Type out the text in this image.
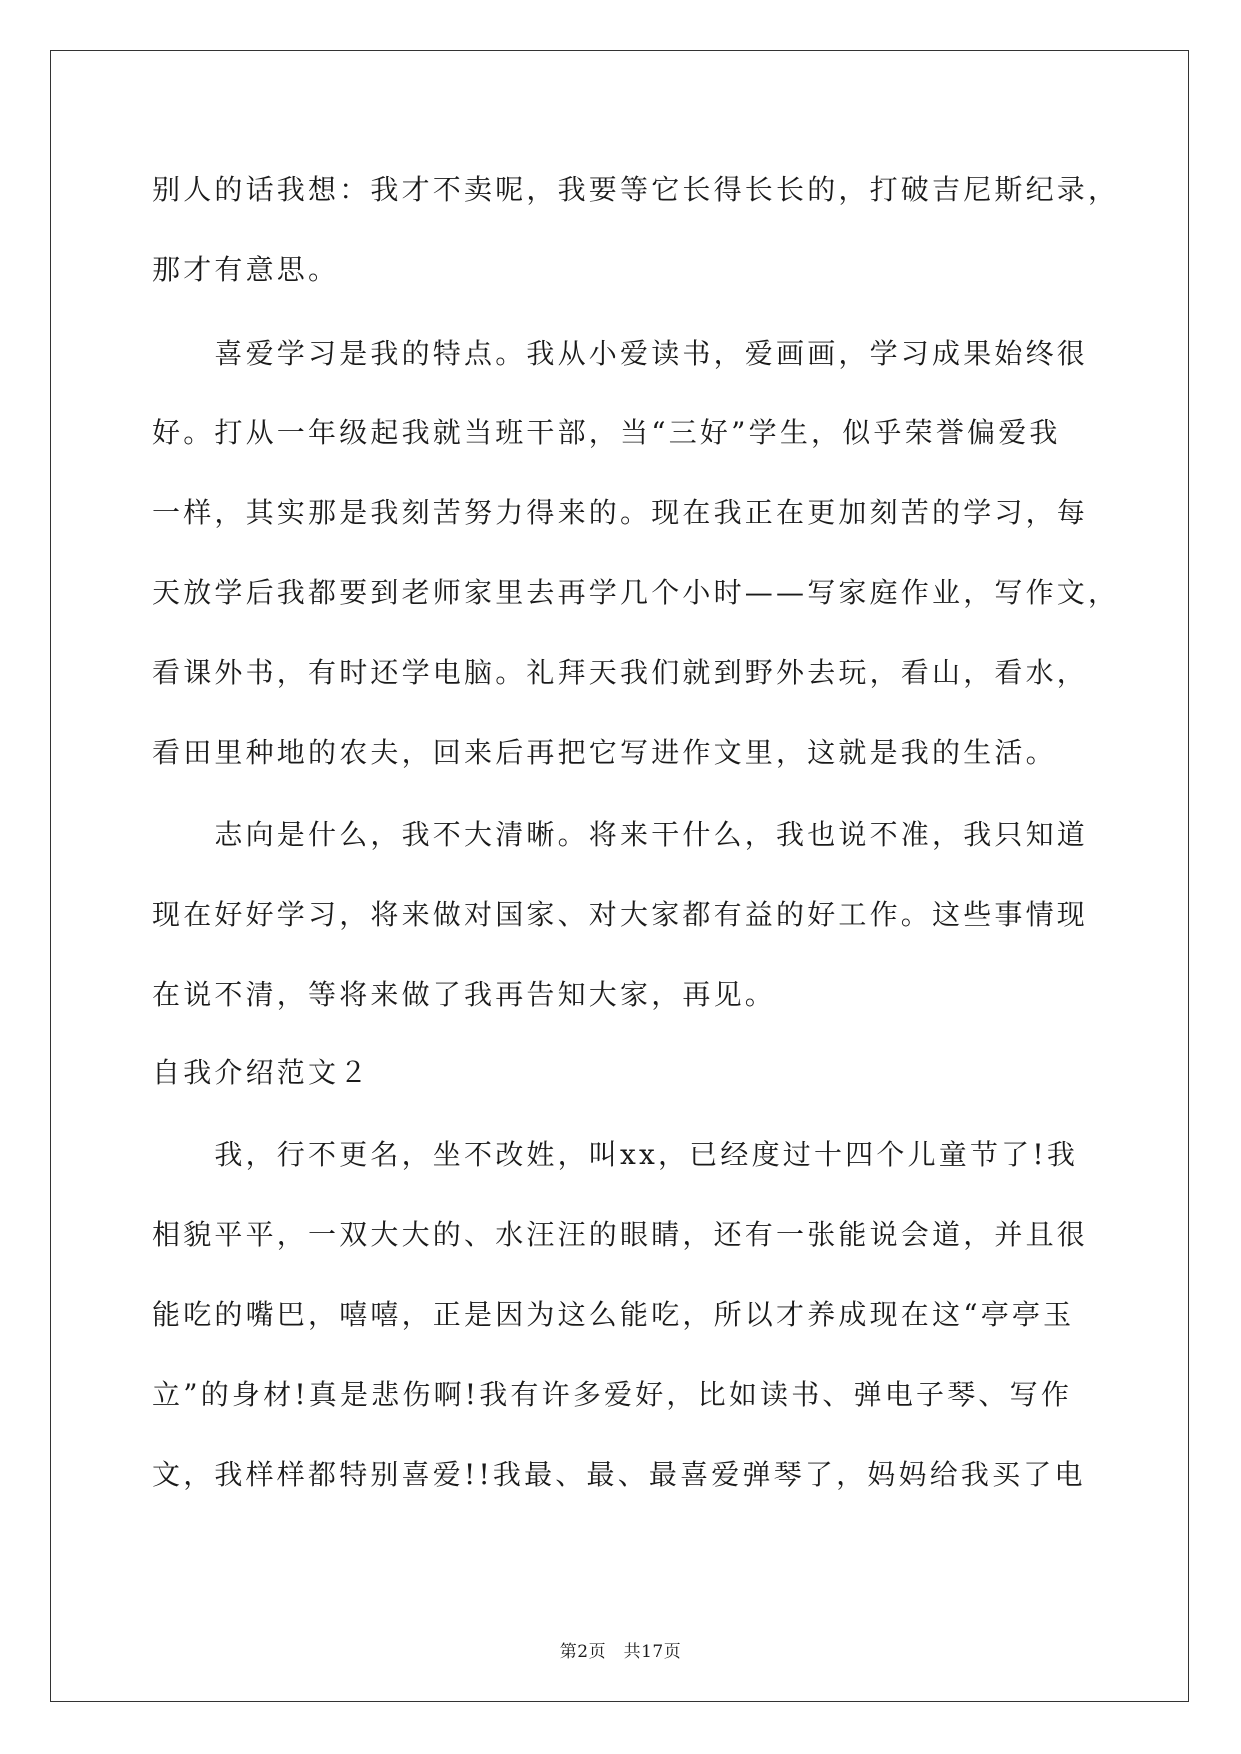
别人的话我想：我才不卖呢，我要等它长得长长的，打破吉尼斯纪录，
那才有意思。
　　喜爱学习是我的特点。我从小爱读书，爱画画，学习成果始终很
好。打从一年级起我就当班干部，当“三好”学生，似乎荣誉偏爱我
一样，其实那是我刻苦努力得来的。现在我正在更加刻苦的学习，每
天放学后我都要到老师家里去再学几个小时——写家庭作业，写作文，
看课外书，有时还学电脑。礼拜天我们就到野外去玩，看山，看水，
看田里种地的农夫，回来后再把它写进作文里，这就是我的生活。
　　志向是什么，我不大清晰。将来干什么，我也说不准，我只知道
现在好好学习，将来做对国家、对大家都有益的好工作。这些事情现
在说不清，等将来做了我再告知大家，再见。
自我介绍范文２
　　我，行不更名，坐不改姓，叫xx，已经度过十四个儿童节了!我
相貌平平，一双大大的、水汪汪的眼睛，还有一张能说会道，并且很
能吃的嘴巴，嘻嘻，正是因为这么能吃，所以才养成现在这“亭亭玉
立”的身材!真是悲伤啊!我有许多爱好，比如读书、弹电子琴、写作
文，我样样都特别喜爱!!我最、最、最喜爱弹琴了，妈妈给我买了电
第2页　共17页
